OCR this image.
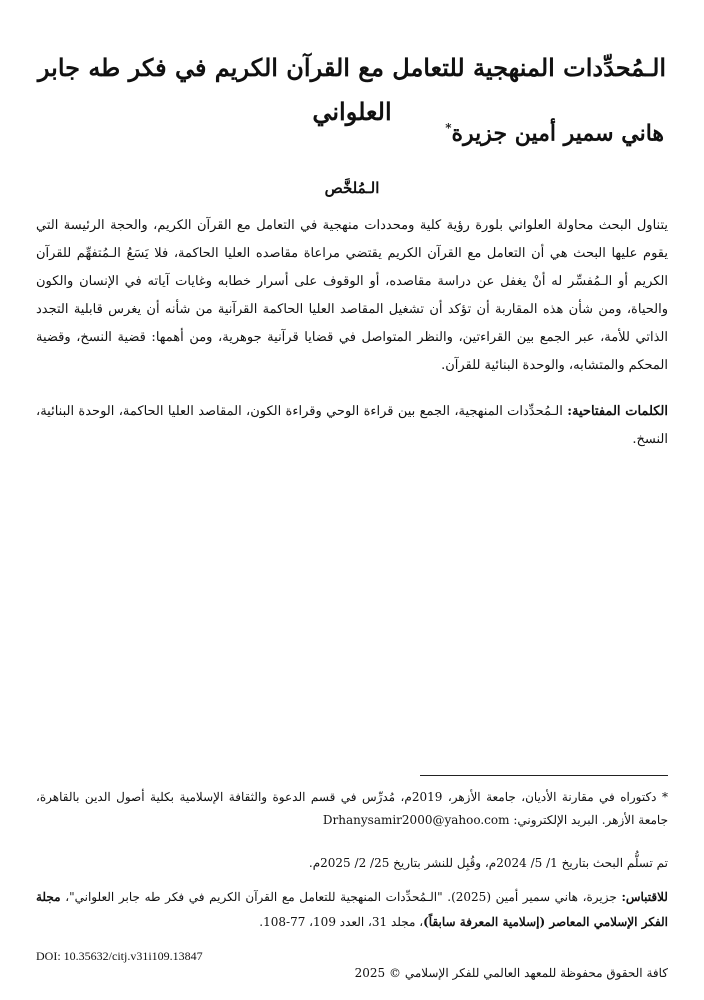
الـمُحدِّدات المنهجية للتعامل مع القرآن الكريم في فكر طه جابر العلواني
هاني سمير أمين جزيرة*
الـمُلخَّص

يتناول البحث محاولة العلواني بلورة رؤية كلية ومحددات منهجية في التعامل مع القرآن الكريم، والحجة الرئيسة التي يقوم عليها البحث هي أن التعامل مع القرآن الكريم يقتضي مراعاة مقاصده العليا الحاكمة، فلا يَسَعُ الـمُتفهِّم للقرآن الكريم أو الـمُفسِّر له أنْ يغفل عن دراسة مقاصده، أو الوقوف على أسرار خطابه وغايات آياته في الإنسان والكون والحياة، ومن شأن هذه المقاربة أن تؤكد أن تشغيل المقاصد العليا الحاكمة القرآنية من شأنه أن يغرس قابلية التجدد الذاتي للأمة، عبر الجمع بين القراءتين، والنظر المتواصل في قضايا قرآنية جوهرية، ومن أهمها: قضية النسخ، وقضية المحكم والمتشابه، والوحدة البنائية للقرآن.

الكلمات المفتاحية: الـمُحدِّدات المنهجية، الجمع بين قراءة الوحي وقراءة الكون، المقاصد العليا الحاكمة، الوحدة البنائية، النسخ.

* دكتوراه في مقارنة الأديان، جامعة الأزهر، 2019م، مُدرِّس في قسم الدعوة والثقافة الإسلامية بكلية أصول الدين بالقاهرة، جامعة الأزهر. البريد الإلكتروني: Drhanysamir2000@yahoo.com

تم تسلُّم البحث بتاريخ 1/ 5/ 2024م، وقُبِل للنشر بتاريخ 25/ 2/ 2025م.

للاقتباس: جزيرة، هاني سمير أمين (2025). "الـمُحدِّدات المنهجية للتعامل مع القرآن الكريم في فكر طه جابر العلواني"، مجلة الفكر الإسلامي المعاصر (إسلامية المعرفة سابقاً)، مجلد 31، العدد 109، 77-108.

DOI: 10.35632/citj.v31i109.13847
كافة الحقوق محفوظة للمعهد العالمي للفكر الإسلامي © 2025
